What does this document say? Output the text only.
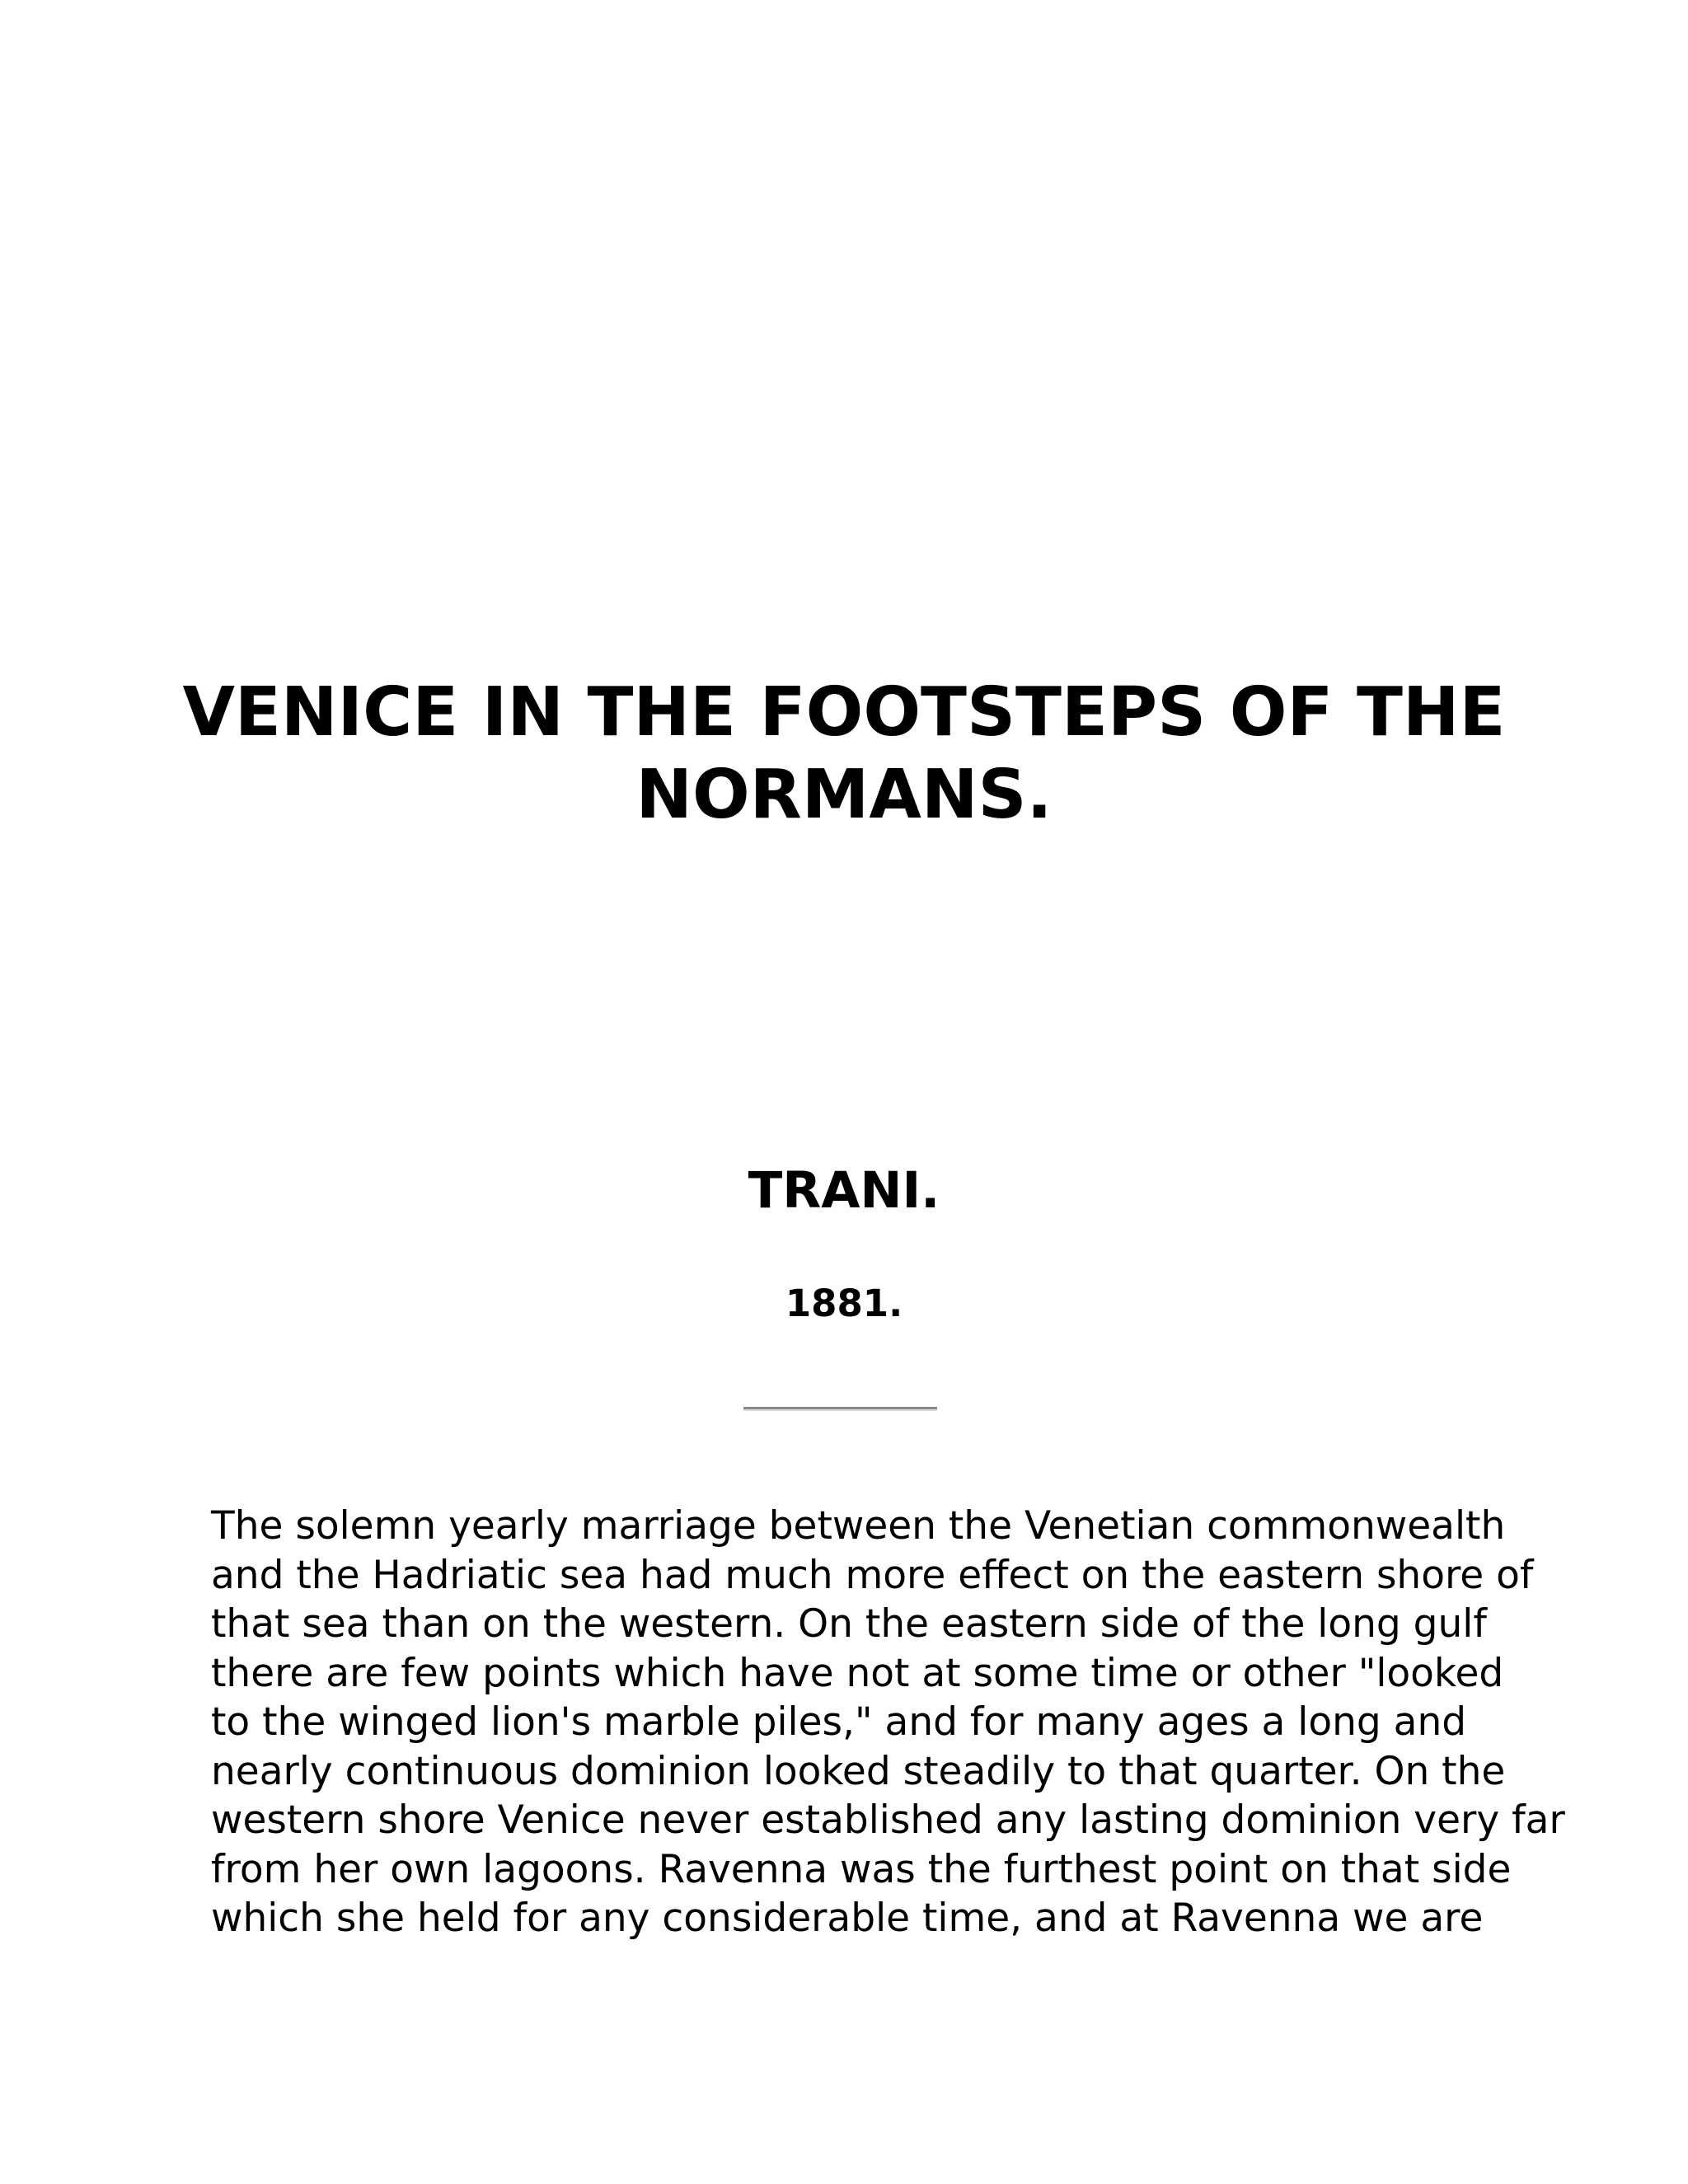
VENICE IN THE FOOTSTEPS OF THE
NORMANS.
TRANI.
1881.

The solemn yearly marriage between the Venetian commonwealth
and the Hadriatic sea had much more effect on the eastern shore of
that sea than on the western. On the eastern side of the long gulf
there are few points which have not at some time or other "looked
to the winged lion's marble piles," and for many ages a long and
nearly continuous dominion looked steadily to that quarter. On the
western shore Venice never established any lasting dominion very far
from her own lagoons. Ravenna was the furthest point on that side
which she held for any considerable time, and at Ravenna we are
